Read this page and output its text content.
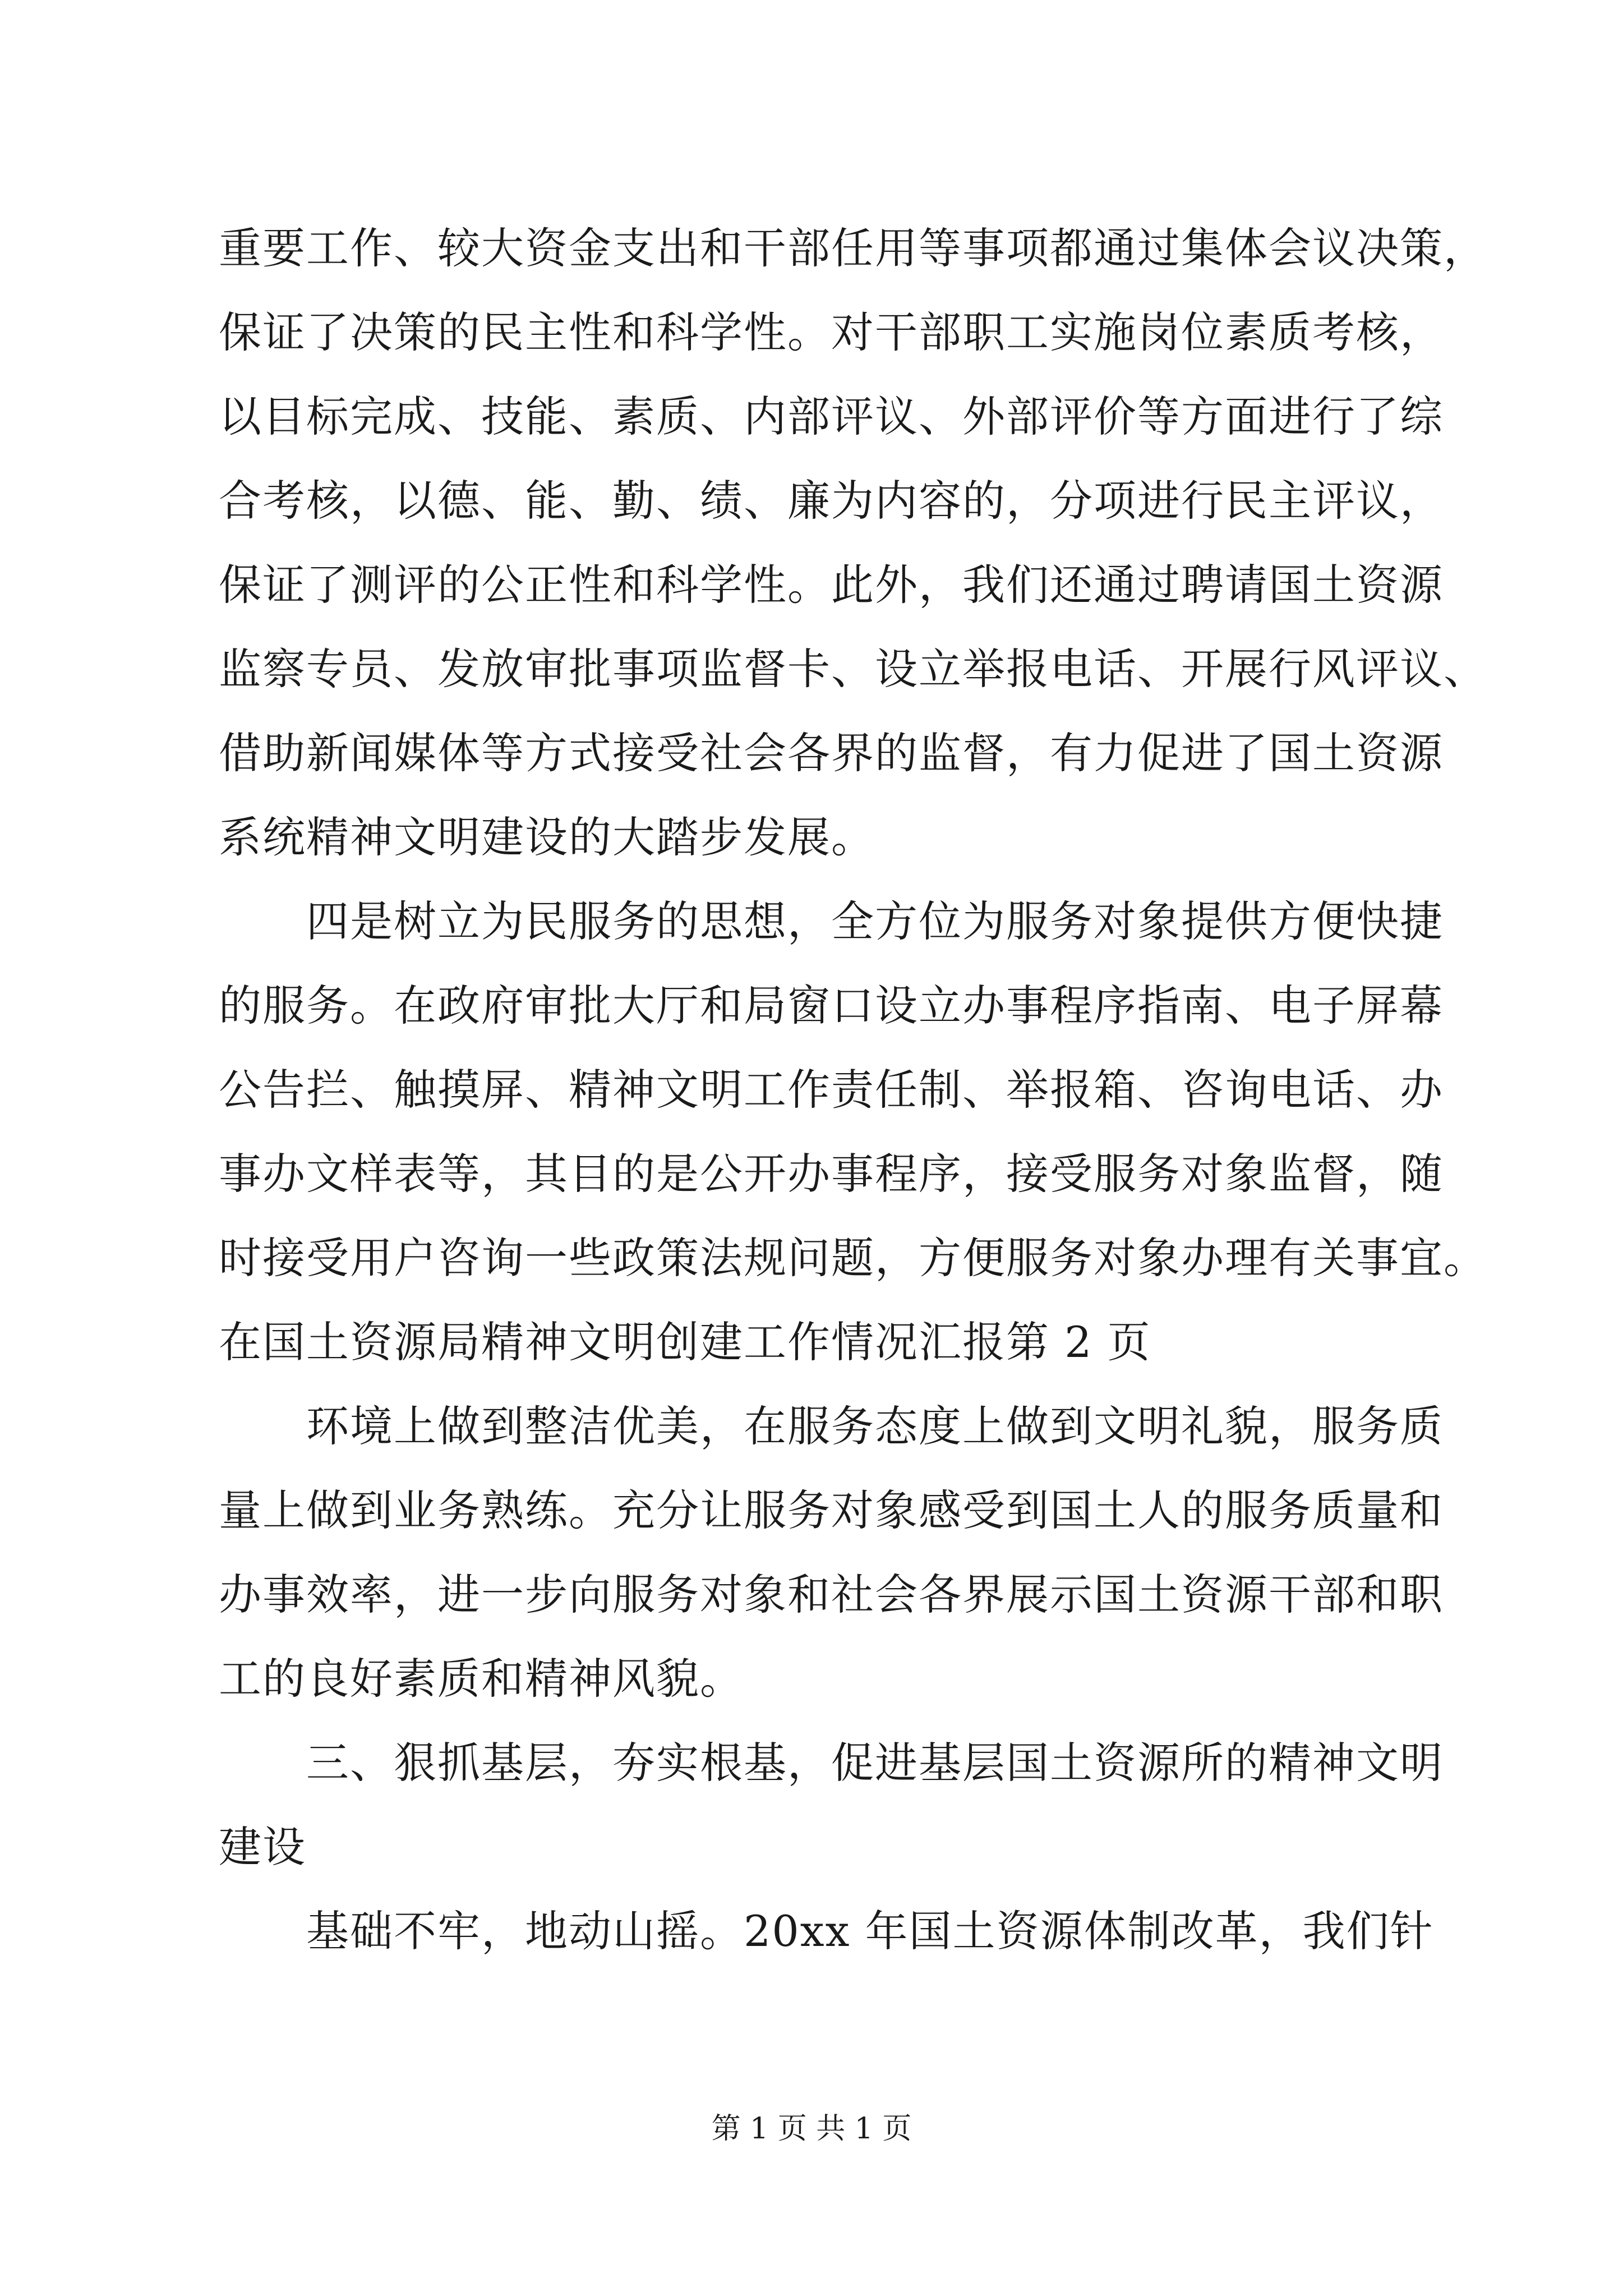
重要工作、较大资金支出和干部任用等事项都通过集体会议决策，
保证了决策的民主性和科学性。对干部职工实施岗位素质考核，
以目标完成、技能、素质、内部评议、外部评价等方面进行了综
合考核，以德、能、勤、绩、廉为内容的，分项进行民主评议，
保证了测评的公正性和科学性。此外，我们还通过聘请国土资源
监察专员、发放审批事项监督卡、设立举报电话、开展行风评议、
借助新闻媒体等方式接受社会各界的监督，有力促进了国土资源
系统精神文明建设的大踏步发展。
　　四是树立为民服务的思想，全方位为服务对象提供方便快捷
的服务。在政府审批大厅和局窗口设立办事程序指南、电子屏幕
公告拦、触摸屏、精神文明工作责任制、举报箱、咨询电话、办
事办文样表等，其目的是公开办事程序，接受服务对象监督，随
时接受用户咨询一些政策法规问题，方便服务对象办理有关事宜。
在国土资源局精神文明创建工作情况汇报第 2 页
　　环境上做到整洁优美，在服务态度上做到文明礼貌，服务质
量上做到业务熟练。充分让服务对象感受到国土人的服务质量和
办事效率，进一步向服务对象和社会各界展示国土资源干部和职
工的良好素质和精神风貌。
　　三、狠抓基层，夯实根基，促进基层国土资源所的精神文明
建设
　　基础不牢，地动山摇。20xx 年国土资源体制改革，我们针
第 1 页 共 1 页
